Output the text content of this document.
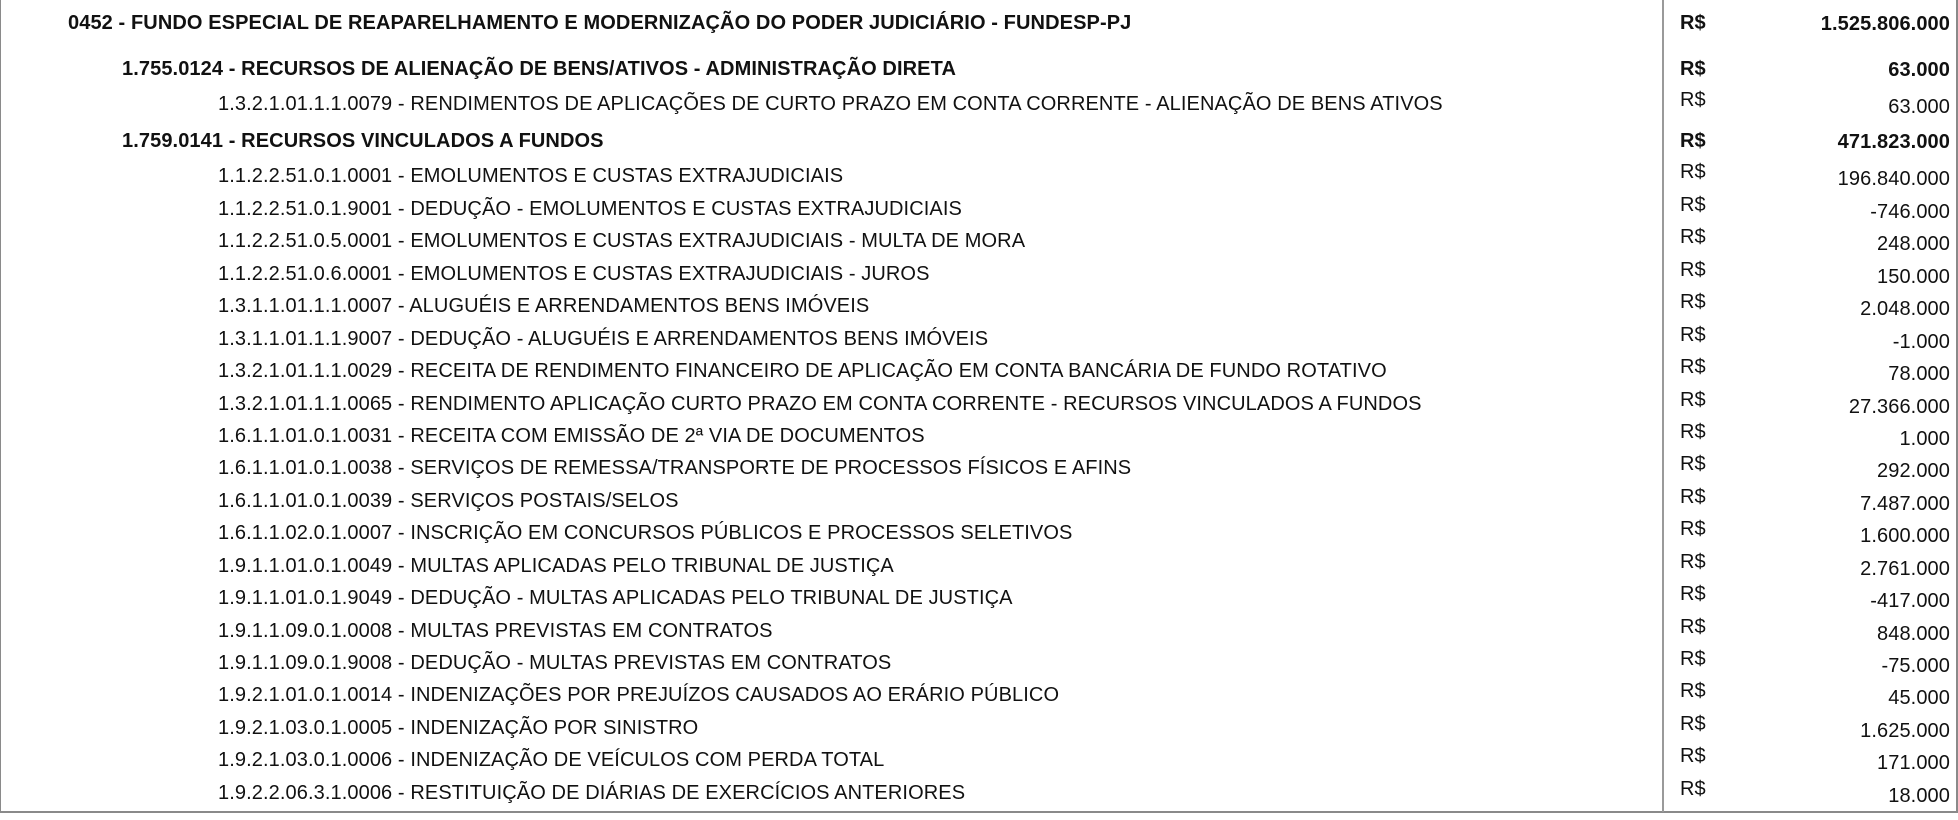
0452 - FUNDO ESPECIAL DE REAPARELHAMENTO E MODERNIZAÇÃO DO PODER JUDICIÁRIO - FUNDESP-PJ	R$	1.525.806.000
1.755.0124 - RECURSOS DE ALIENAÇÃO DE BENS/ATIVOS - ADMINISTRAÇÃO DIRETA	R$	63.000
1.3.2.1.01.1.1.0079 - RENDIMENTOS DE APLICAÇÕES DE CURTO PRAZO EM CONTA CORRENTE - ALIENAÇÃO DE BENS ATIVOS	R$	63.000
1.759.0141 - RECURSOS VINCULADOS A FUNDOS	R$	471.823.000
1.1.2.2.51.0.1.0001 - EMOLUMENTOS E CUSTAS EXTRAJUDICIAIS	R$	196.840.000
1.1.2.2.51.0.1.9001 - DEDUÇÃO - EMOLUMENTOS E CUSTAS EXTRAJUDICIAIS	R$	-746.000
1.1.2.2.51.0.5.0001 - EMOLUMENTOS E CUSTAS EXTRAJUDICIAIS - MULTA DE MORA	R$	248.000
1.1.2.2.51.0.6.0001 - EMOLUMENTOS E CUSTAS EXTRAJUDICIAIS - JUROS	R$	150.000
1.3.1.1.01.1.1.0007 - ALUGUÉIS E ARRENDAMENTOS BENS IMÓVEIS	R$	2.048.000
1.3.1.1.01.1.1.9007 - DEDUÇÃO - ALUGUÉIS E ARRENDAMENTOS BENS IMÓVEIS	R$	-1.000
1.3.2.1.01.1.1.0029 - RECEITA DE RENDIMENTO FINANCEIRO DE APLICAÇÃO EM CONTA BANCÁRIA DE FUNDO ROTATIVO	R$	78.000
1.3.2.1.01.1.1.0065 - RENDIMENTO APLICAÇÃO CURTO PRAZO EM CONTA CORRENTE - RECURSOS VINCULADOS A FUNDOS	R$	27.366.000
1.6.1.1.01.0.1.0031 - RECEITA COM EMISSÃO DE 2ª VIA DE DOCUMENTOS	R$	1.000
1.6.1.1.01.0.1.0038 - SERVIÇOS DE REMESSA/TRANSPORTE DE PROCESSOS FÍSICOS E AFINS	R$	292.000
1.6.1.1.01.0.1.0039 - SERVIÇOS POSTAIS/SELOS	R$	7.487.000
1.6.1.1.02.0.1.0007 - INSCRIÇÃO EM CONCURSOS PÚBLICOS E PROCESSOS SELETIVOS	R$	1.600.000
1.9.1.1.01.0.1.0049 - MULTAS APLICADAS PELO TRIBUNAL DE JUSTIÇA	R$	2.761.000
1.9.1.1.01.0.1.9049 - DEDUÇÃO - MULTAS APLICADAS PELO TRIBUNAL DE JUSTIÇA	R$	-417.000
1.9.1.1.09.0.1.0008 - MULTAS PREVISTAS EM CONTRATOS	R$	848.000
1.9.1.1.09.0.1.9008 - DEDUÇÃO - MULTAS PREVISTAS EM CONTRATOS	R$	-75.000
1.9.2.1.01.0.1.0014 - INDENIZAÇÕES POR PREJUÍZOS CAUSADOS AO ERÁRIO PÚBLICO	R$	45.000
1.9.2.1.03.0.1.0005 - INDENIZAÇÃO POR SINISTRO	R$	1.625.000
1.9.2.1.03.0.1.0006 - INDENIZAÇÃO DE VEÍCULOS COM PERDA TOTAL	R$	171.000
1.9.2.2.06.3.1.0006 - RESTITUIÇÃO DE DIÁRIAS DE EXERCÍCIOS ANTERIORES	R$	18.000
